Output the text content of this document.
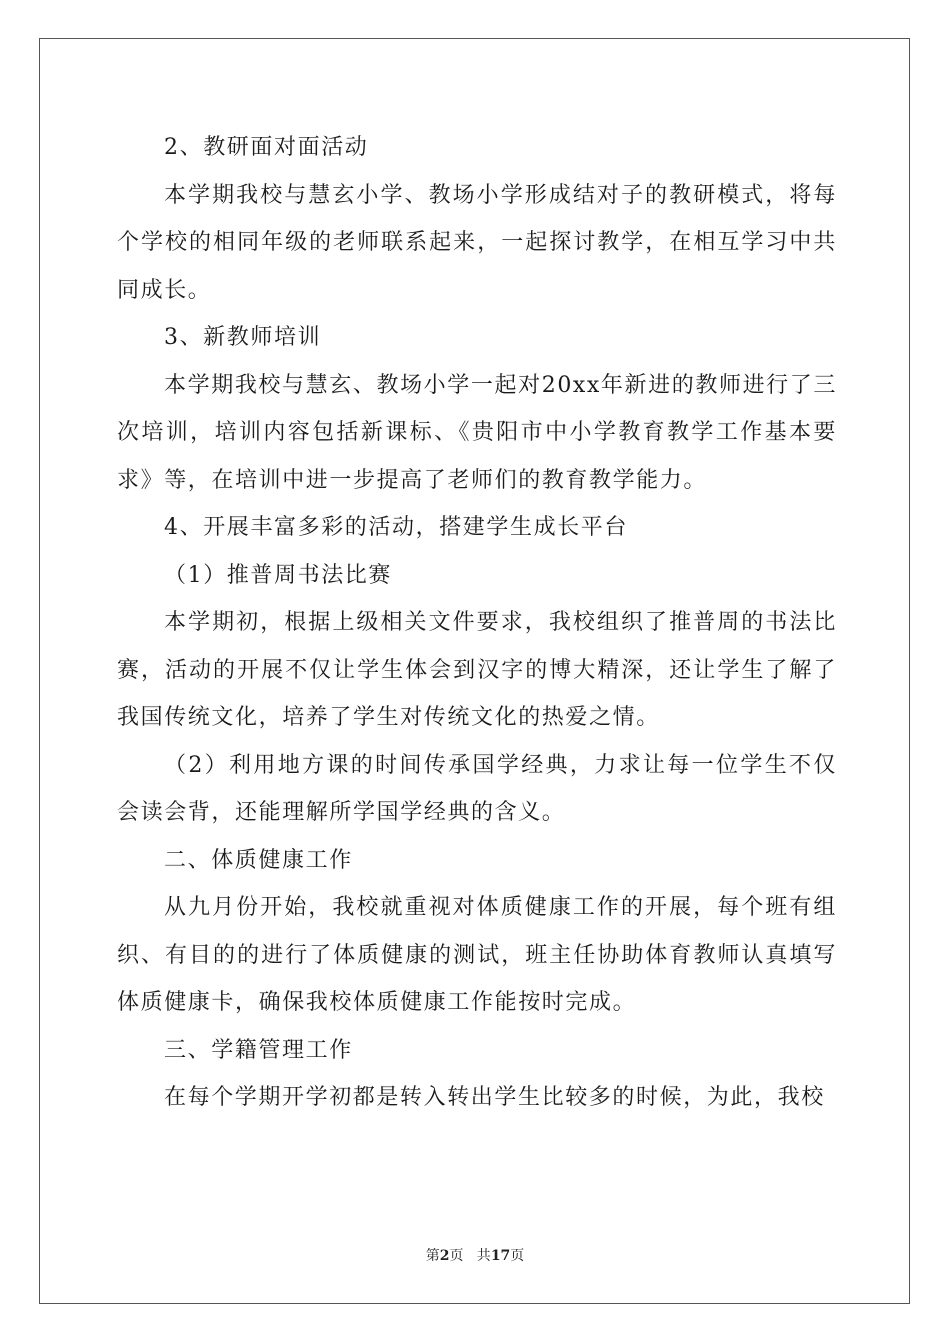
2、教研面对面活动

本学期我校与慧玄小学、教场小学形成结对子的教研模式，将每个学校的相同年级的老师联系起来，一起探讨教学，在相互学习中共同成长。

3、新教师培训

本学期我校与慧玄、教场小学一起对20xx年新进的教师进行了三次培训，培训内容包括新课标、《贵阳市中小学教育教学工作基本要求》等，在培训中进一步提高了老师们的教育教学能力。

4、开展丰富多彩的活动，搭建学生成长平台

（1）推普周书法比赛

本学期初，根据上级相关文件要求，我校组织了推普周的书法比赛，活动的开展不仅让学生体会到汉字的博大精深，还让学生了解了我国传统文化，培养了学生对传统文化的热爱之情。

（2）利用地方课的时间传承国学经典，力求让每一位学生不仅会读会背，还能理解所学国学经典的含义。

二、体质健康工作

从九月份开始，我校就重视对体质健康工作的开展，每个班有组织、有目的的进行了体质健康的测试，班主任协助体育教师认真填写体质健康卡，确保我校体质健康工作能按时完成。

三、学籍管理工作

在每个学期开学初都是转入转出学生比较多的时候，为此，我校

第2页   共17页
